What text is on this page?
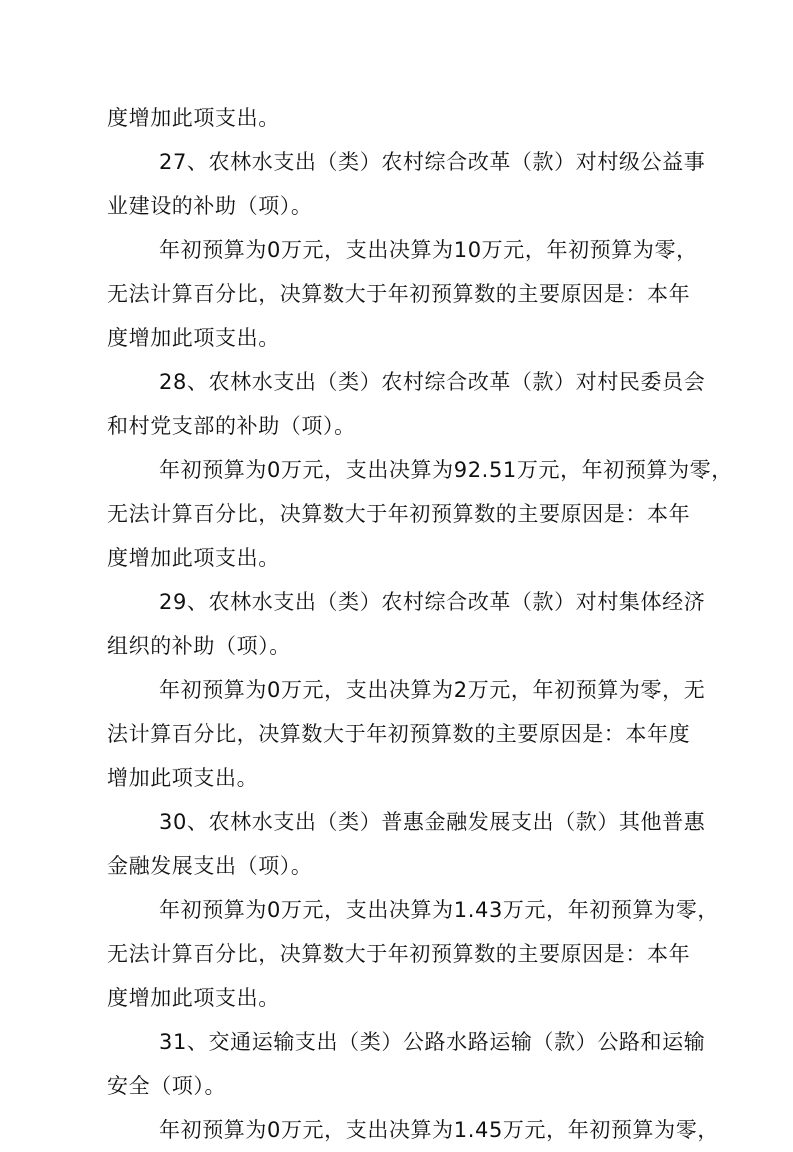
度增加此项支出。
27、农林水支出（类）农村综合改革（款）对村级公益事
业建设的补助（项）。
年初预算为0万元，支出决算为10万元，年初预算为零，
无法计算百分比，决算数大于年初预算数的主要原因是：本年
度增加此项支出。
28、农林水支出（类）农村综合改革（款）对村民委员会
和村党支部的补助（项）。
年初预算为0万元，支出决算为92.51万元，年初预算为零，
无法计算百分比，决算数大于年初预算数的主要原因是：本年
度增加此项支出。
29、农林水支出（类）农村综合改革（款）对村集体经济
组织的补助（项）。
年初预算为0万元，支出决算为2万元，年初预算为零，无
法计算百分比，决算数大于年初预算数的主要原因是：本年度
增加此项支出。
30、农林水支出（类）普惠金融发展支出（款）其他普惠
金融发展支出（项）。
年初预算为0万元，支出决算为1.43万元，年初预算为零，
无法计算百分比，决算数大于年初预算数的主要原因是：本年
度增加此项支出。
31、交通运输支出（类）公路水路运输（款）公路和运输
安全（项）。
年初预算为0万元，支出决算为1.45万元，年初预算为零，
